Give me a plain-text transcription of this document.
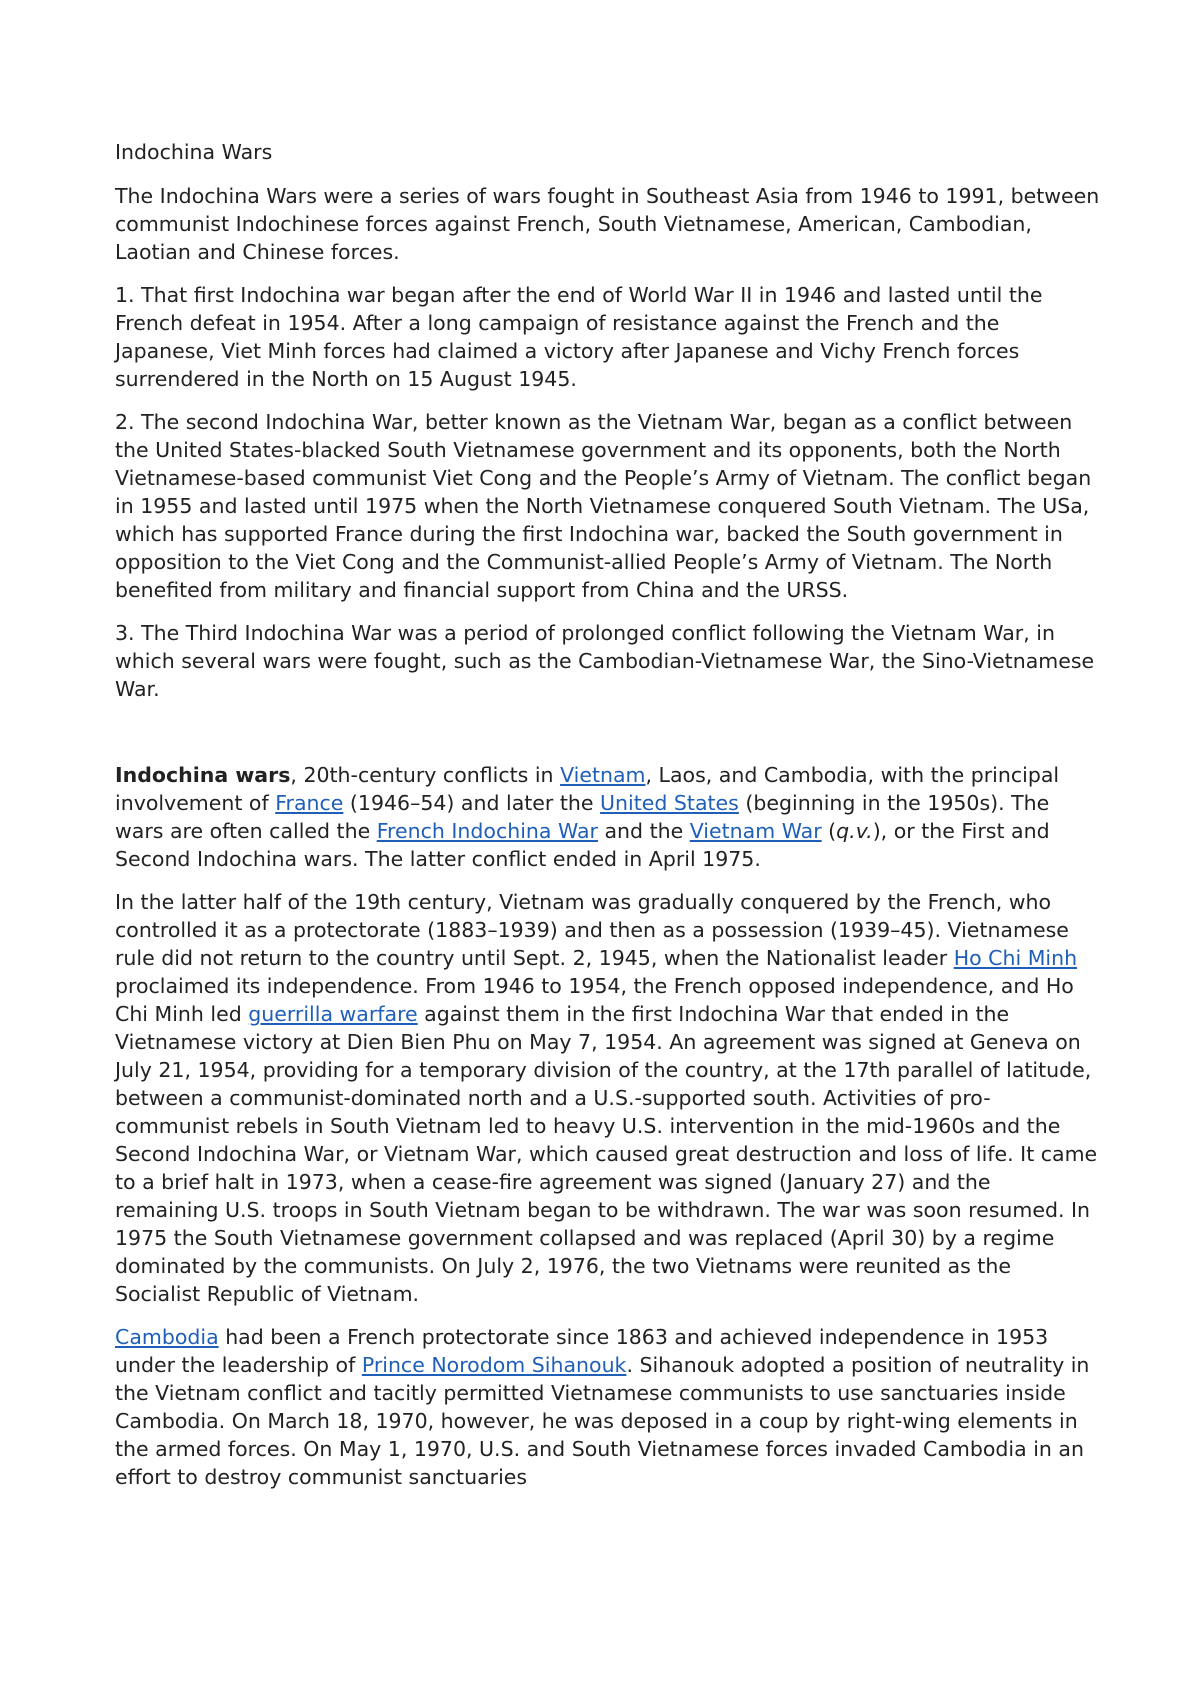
Indochina Wars

The Indochina Wars were a series of wars fought in Southeast Asia from 1946 to 1991, between communist Indochinese forces against French, South Vietnamese, American, Cambodian, Laotian and Chinese forces.

1. That first Indochina war began after the end of World War II in 1946 and lasted until the French defeat in 1954. After a long campaign of resistance against the French and the Japanese, Viet Minh forces had claimed a victory after Japanese and Vichy French forces surrendered in the North on 15 August 1945.

2. The second Indochina War, better known as the Vietnam War, began as a conflict between the United States-blacked South Vietnamese government and its opponents, both the North Vietnamese-based communist Viet Cong and the People’s Army of Vietnam. The conflict began in 1955 and lasted until 1975 when the North Vietnamese conquered South Vietnam. The USa, which has supported France during the first Indochina war, backed the South government in opposition to the Viet Cong and the Communist-allied People’s Army of Vietnam. The North benefited from military and financial support from China and the URSS.

3. The Third Indochina War was a period of prolonged conflict following the Vietnam War, in which several wars were fought, such as the Cambodian-Vietnamese War, the Sino-Vietnamese War.

Indochina wars, 20th-century conflicts in Vietnam, Laos, and Cambodia, with the principal involvement of France (1946–54) and later the United States (beginning in the 1950s). The wars are often called the French Indochina War and the Vietnam War (q.v.), or the First and Second Indochina wars. The latter conflict ended in April 1975.

In the latter half of the 19th century, Vietnam was gradually conquered by the French, who controlled it as a protectorate (1883–1939) and then as a possession (1939–45). Vietnamese rule did not return to the country until Sept. 2, 1945, when the Nationalist leader Ho Chi Minh proclaimed its independence. From 1946 to 1954, the French opposed independence, and Ho Chi Minh led guerrilla warfare against them in the first Indochina War that ended in the Vietnamese victory at Dien Bien Phu on May 7, 1954. An agreement was signed at Geneva on July 21, 1954, providing for a temporary division of the country, at the 17th parallel of latitude, between a communist-dominated north and a U.S.-supported south. Activities of pro-communist rebels in South Vietnam led to heavy U.S. intervention in the mid-1960s and the Second Indochina War, or Vietnam War, which caused great destruction and loss of life. It came to a brief halt in 1973, when a cease-fire agreement was signed (January 27) and the remaining U.S. troops in South Vietnam began to be withdrawn. The war was soon resumed. In 1975 the South Vietnamese government collapsed and was replaced (April 30) by a regime dominated by the communists. On July 2, 1976, the two Vietnams were reunited as the Socialist Republic of Vietnam.

Cambodia had been a French protectorate since 1863 and achieved independence in 1953 under the leadership of Prince Norodom Sihanouk. Sihanouk adopted a position of neutrality in the Vietnam conflict and tacitly permitted Vietnamese communists to use sanctuaries inside Cambodia. On March 18, 1970, however, he was deposed in a coup by right-wing elements in the armed forces. On May 1, 1970, U.S. and South Vietnamese forces invaded Cambodia in an effort to destroy communist sanctuaries
